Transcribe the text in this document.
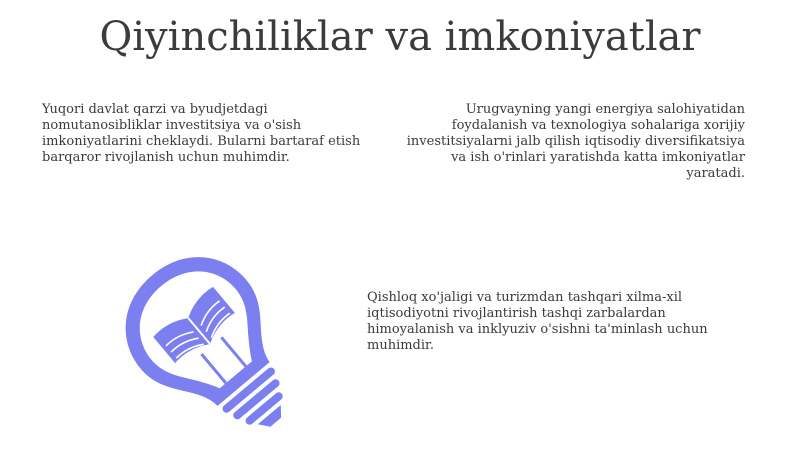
Qiyinchiliklar va imkoniyatlar

Yuqori davlat qarzi va byudjetdagi nomutanosibliklar investitsiya va o'sish imkoniyatlarini cheklaydi. Bularni bartaraf etish barqaror rivojlanish uchun muhimdir.

Urugvayning yangi energiya salohiyatidan foydalanish va texnologiya sohalariga xorijiy investitsiyalarni jalb qilish iqtisodiy diversifikatsiya va ish o'rinlari yaratishda katta imkoniyatlar yaratadi.

Qishloq xo'jaligi va turizmdan tashqari xilma-xil iqtisodiyotni rivojlantirish tashqi zarbalardan himoyalanish va inklyuziv o'sishni ta'minlash uchun muhimdir.
